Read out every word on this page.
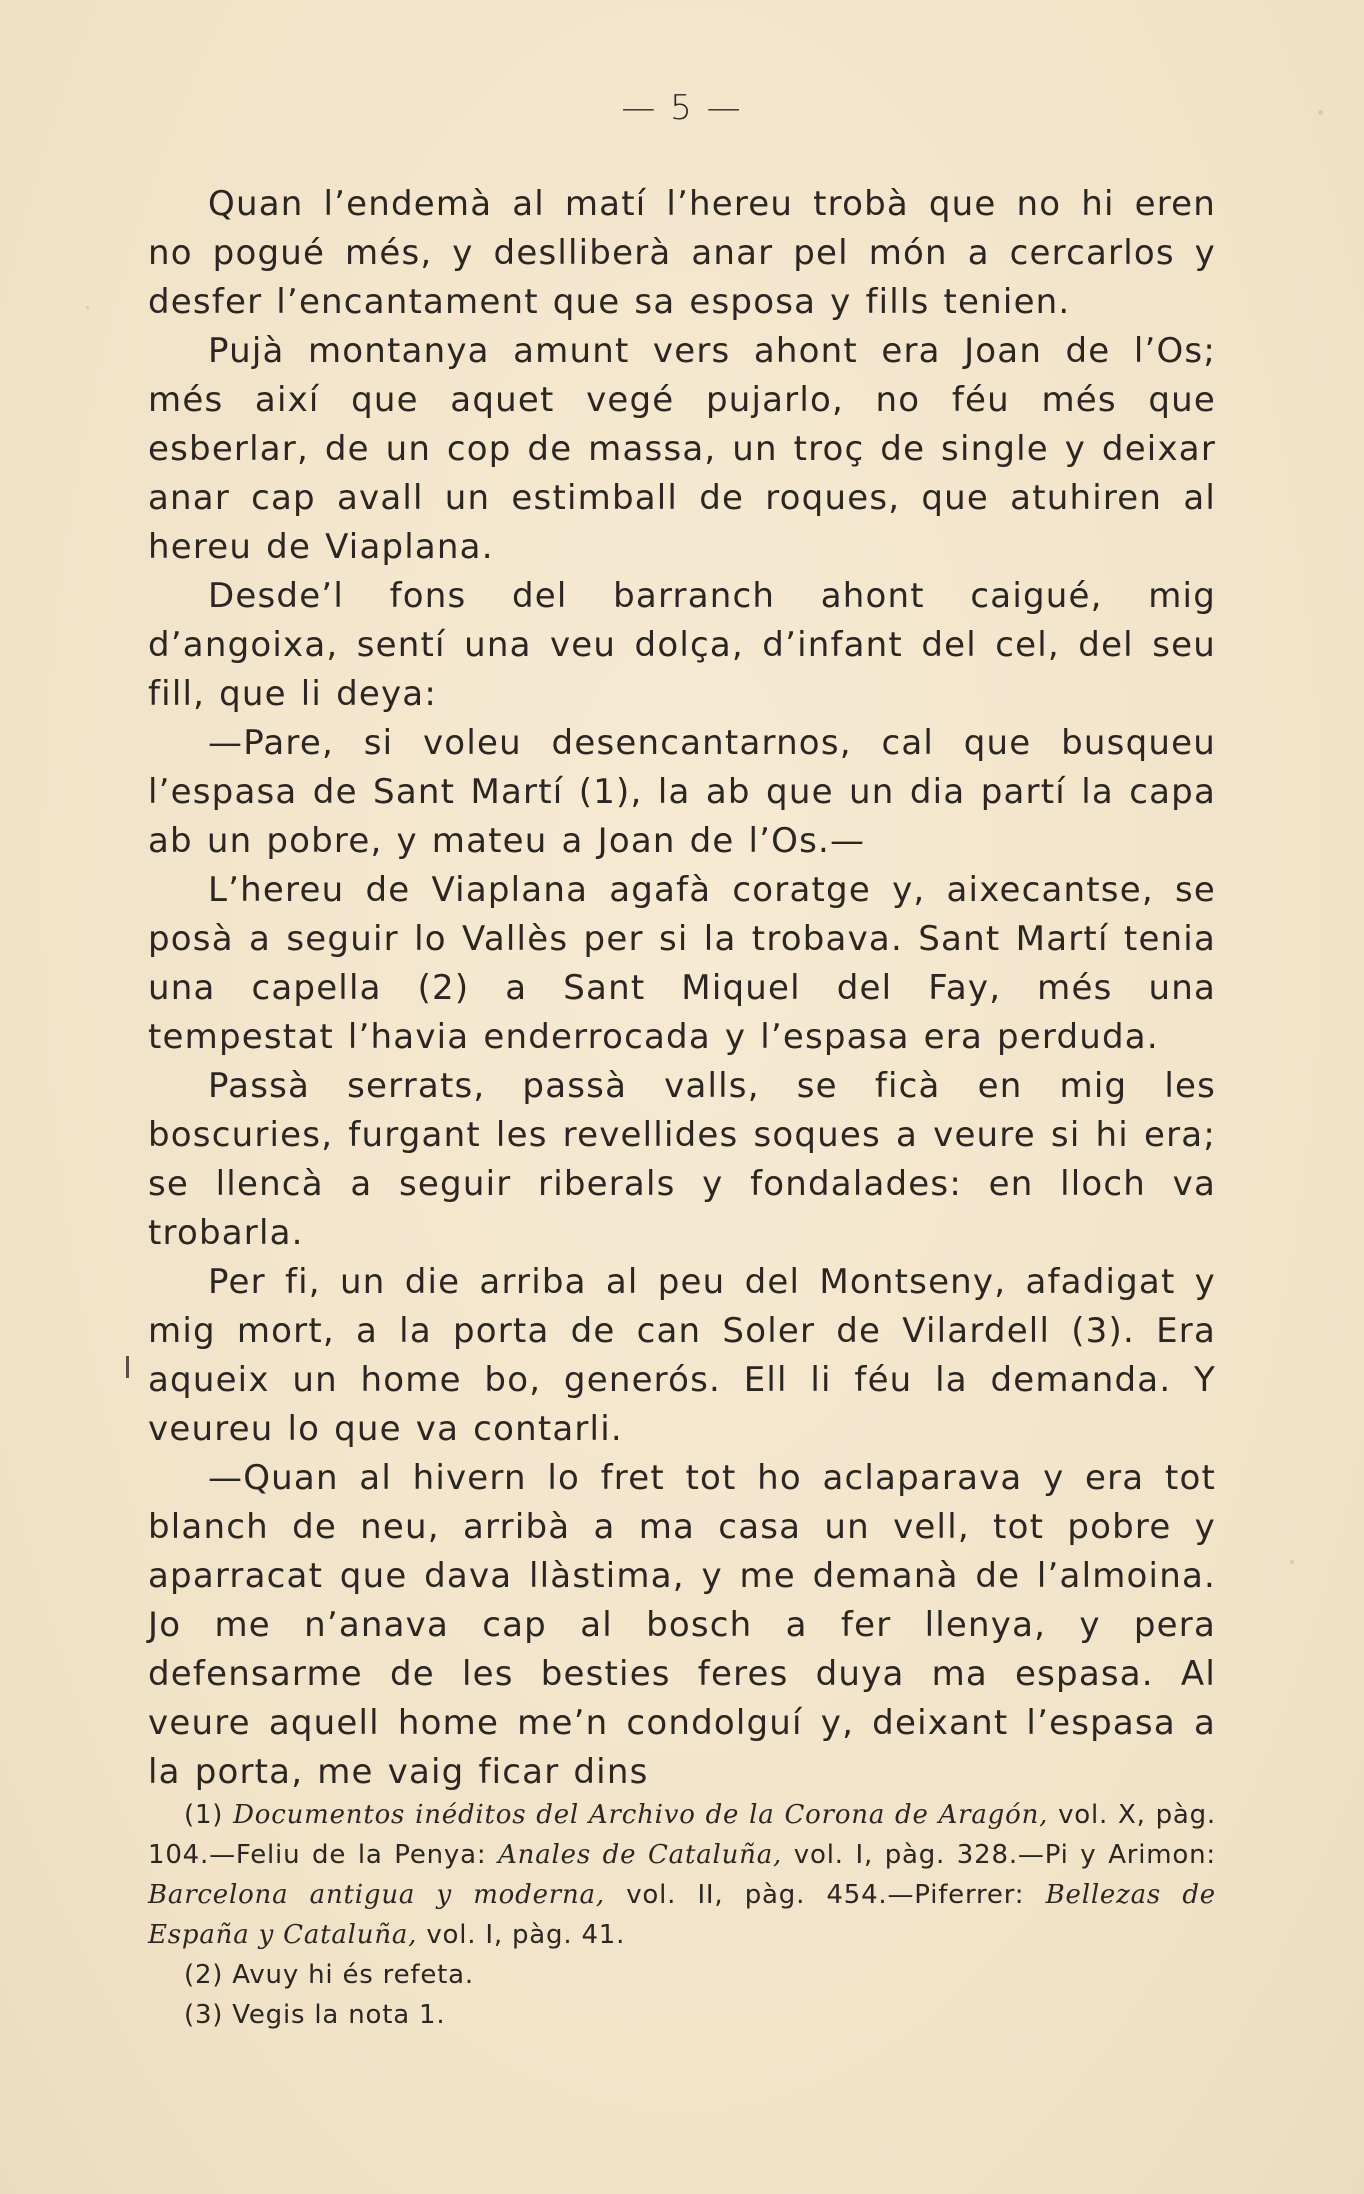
— 5 —

Quan l’endemà al matí l’hereu trobà que no hi eren no pogué més, y deslliberà anar pel món a cercarlos y desfer l’encantament que sa esposa y fills tenien.

Pujà montanya amunt vers ahont era Joan de l’Os; més així que aquet vegé pujarlo, no féu més que esberlar, de un cop de massa, un troç de single y deixar anar cap avall un estimball de roques, que atuhiren al hereu de Viaplana.

Desde’l fons del barranch ahont caigué, mig d’angoixa, sentí una veu dolça, d’infant del cel, del seu fill, que li deya:

—Pare, si voleu desencantarnos, cal que busqueu l’espasa de Sant Martí (1), la ab que un dia partí la capa ab un pobre, y mateu a Joan de l’Os.—

L’hereu de Viaplana agafà coratge y, aixecantse, se posà a seguir lo Vallès per si la trobava. Sant Martí tenia una capella (2) a Sant Miquel del Fay, més una tempestat l’havia enderrocada y l’espasa era perduda.

Passà serrats, passà valls, se ficà en mig les boscuries, furgant les revellides soques a veure si hi era; se llencà a seguir riberals y fondalades: en lloch va trobarla.

Per fi, un die arriba al peu del Montseny, afadigat y mig mort, a la porta de can Soler de Vilardell (3). Era aqueix un home bo, generós. Ell li féu la demanda. Y veureu lo que va contarli.

—Quan al hivern lo fret tot ho aclaparava y era tot blanch de neu, arribà a ma casa un vell, tot pobre y aparracat que dava llàstima, y me demanà de l’almoina. Jo me n’anava cap al bosch a fer llenya, y pera defensarme de les besties feres duya ma espasa. Al veure aquell home me’n condolguí y, deixant l’espasa a la porta, me vaig ficar dins

(1) Documentos inéditos del Archivo de la Corona de Aragón, vol. X, pàg. 104.—Feliu de la Penya: Anales de Cataluña, vol. I, pàg. 328.—Pi y Arimon: Barcelona antigua y moderna, vol. II, pàg. 454.—Piferrer: Bellezas de España y Cataluña, vol. I, pàg. 41.

(2) Avuy hi és refeta.

(3) Vegis la nota 1.
